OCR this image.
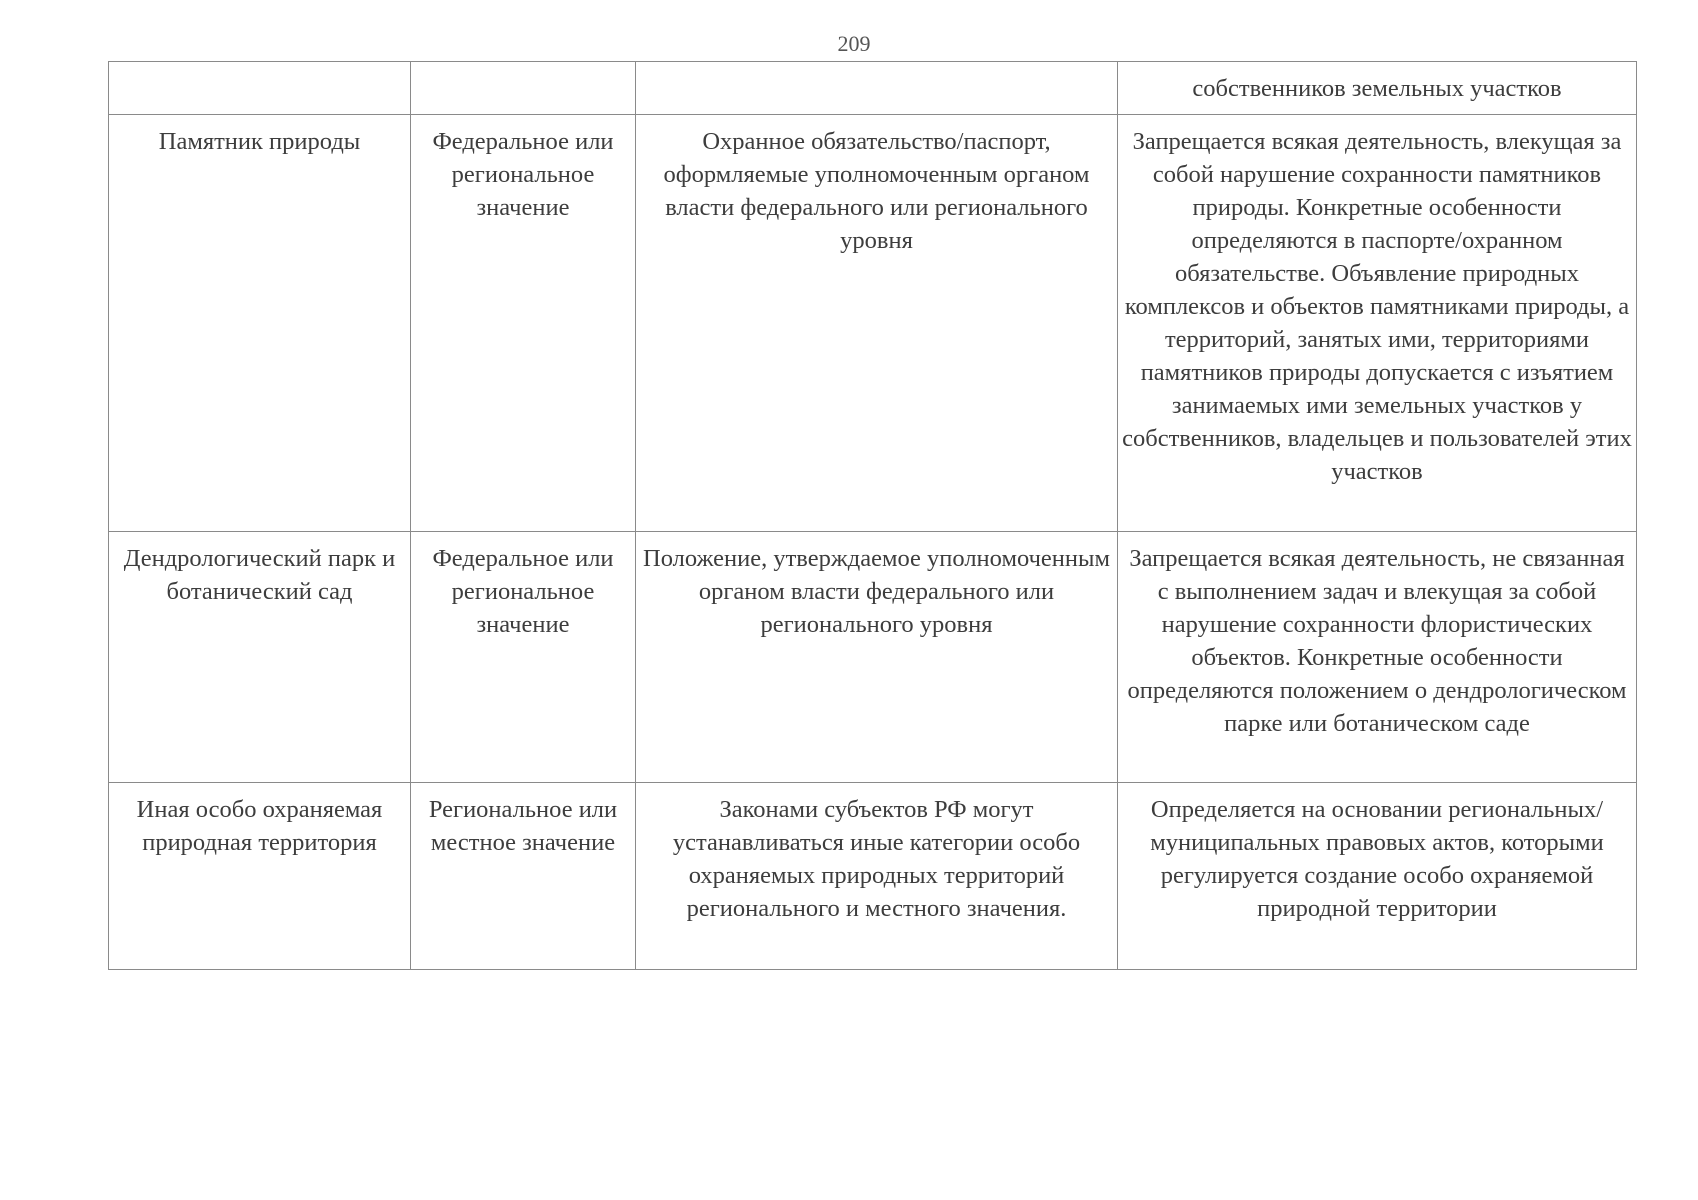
209

			собственников земельных участков

Памятник природы	Федеральное или региональное значение	Охранное обязательство/паспорт, оформляемые уполномоченным органом власти федерального или регионального уровня	Запрещается всякая деятельность, влекущая за собой нарушение сохранности памятников природы. Конкретные особенности определяются в паспорте/охранном обязательстве. Объявление природных комплексов и объектов памятниками природы, а территорий, занятых ими, территориями памятников природы допускается с изъятием занимаемых ими земельных участков у собственников, владельцев и пользователей этих участков

Дендрологический парк и ботанический сад	Федеральное или региональное значение	Положение, утверждаемое уполномоченным органом власти федерального или регионального уровня	Запрещается всякая деятельность, не связанная с выполнением задач и влекущая за собой нарушение сохранности флористических объектов. Конкретные особенности определяются положением о дендрологическом парке или ботаническом саде

Иная особо охраняемая природная территория	Региональное или местное значение	Законами субъектов РФ могут устанавливаться иные категории особо охраняемых природных территорий регионального и местного значения.	Определяется на основании региональных/муниципальных правовых актов, которыми регулируется создание особо охраняемой природной территории
